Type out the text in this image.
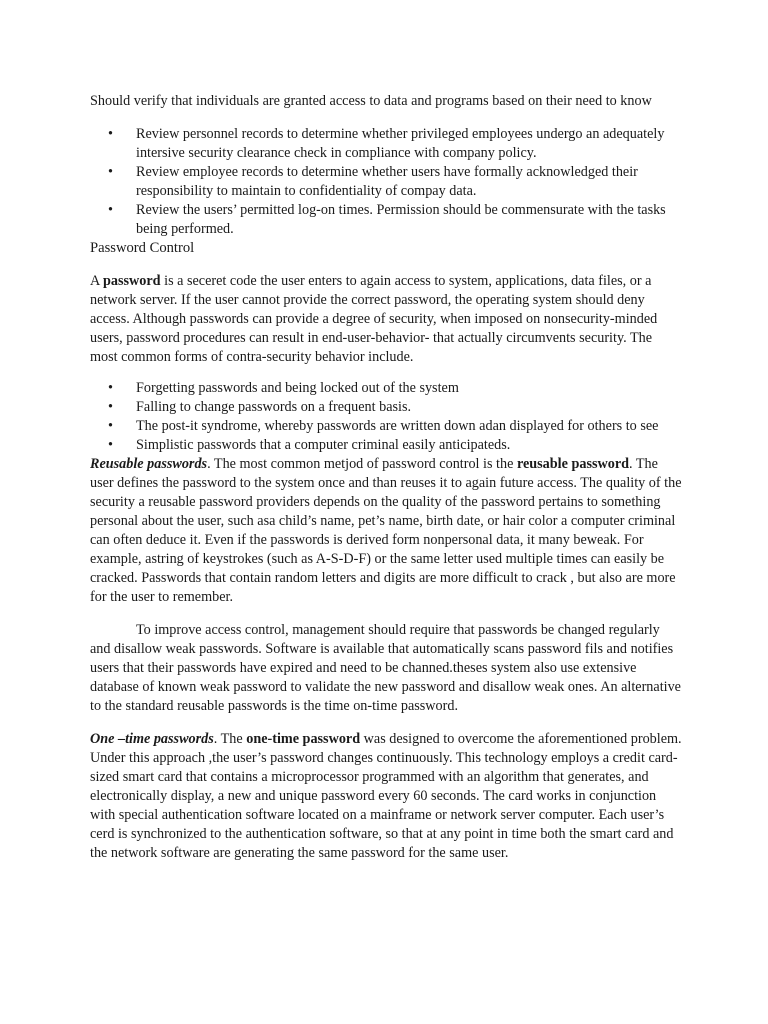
Should verify that individuals are granted access to data and programs based on their need to know

• Review personnel records to determine whether privileged employees undergo an adequately intersive security clearance check in compliance with company policy.
• Review employee records to determine whether users have formally acknowledged their responsibility to maintain to confidentiality of compay data.
• Review the users’ permitted log-on times. Permission should be commensurate with the tasks being performed.

Password Control

A password is a seceret code the user enters to again access to system, applications, data files, or a network server. If the user cannot provide the correct password, the operating system should deny access. Although passwords can provide a degree of security, when imposed on nonsecurity-minded users, password procedures can result in end-user-behavior- that actually circumvents security. The most common forms of contra-security behavior include.

• Forgetting passwords and being locked out of the system
• Falling to change passwords on a frequent basis.
• The post-it syndrome, whereby passwords are written down adan displayed for others to see
• Simplistic passwords that a computer criminal easily anticipateds.

Reusable passwords. The most common metjod of password control is the reusable password. The user defines the password to the system once and than reuses it to again future access. The quality of the security a reusable password providers depends on the quality of the password pertains to something personal about the user, such asa child’s name, pet’s name, birth date, or hair color a computer criminal can often deduce it. Even if the passwords is derived form nonpersonal data, it many beweak. For example, astring of keystrokes (such as A-S-D-F) or the same letter used multiple times can easily be cracked. Passwords that contain random letters and digits are more difficult to crack , but also are more for the user to remember.

To improve access control, management should require that passwords be changed regularly and disallow weak passwords. Software is available that automatically scans password fils and notifies users that their passwords have expired and need to be channed.theses system also use extensive database of known weak password to validate the new password and disallow weak ones. An alternative to the standard reusable passwords is the time on-time password.

One –time passwords. The one-time password was designed to overcome the aforementioned problem. Under this approach ,the user’s password changes continuously. This technology employs a credit card-sized smart card that contains a microprocessor programmed with an algorithm that generates, and electronically display, a new and unique password every 60 seconds. The card works in conjunction with special authentication software located on a mainframe or network server computer. Each user’s cerd is synchronized to the authentication software, so that at any point in time both the smart card and the network software are generating the same password for the same user.
